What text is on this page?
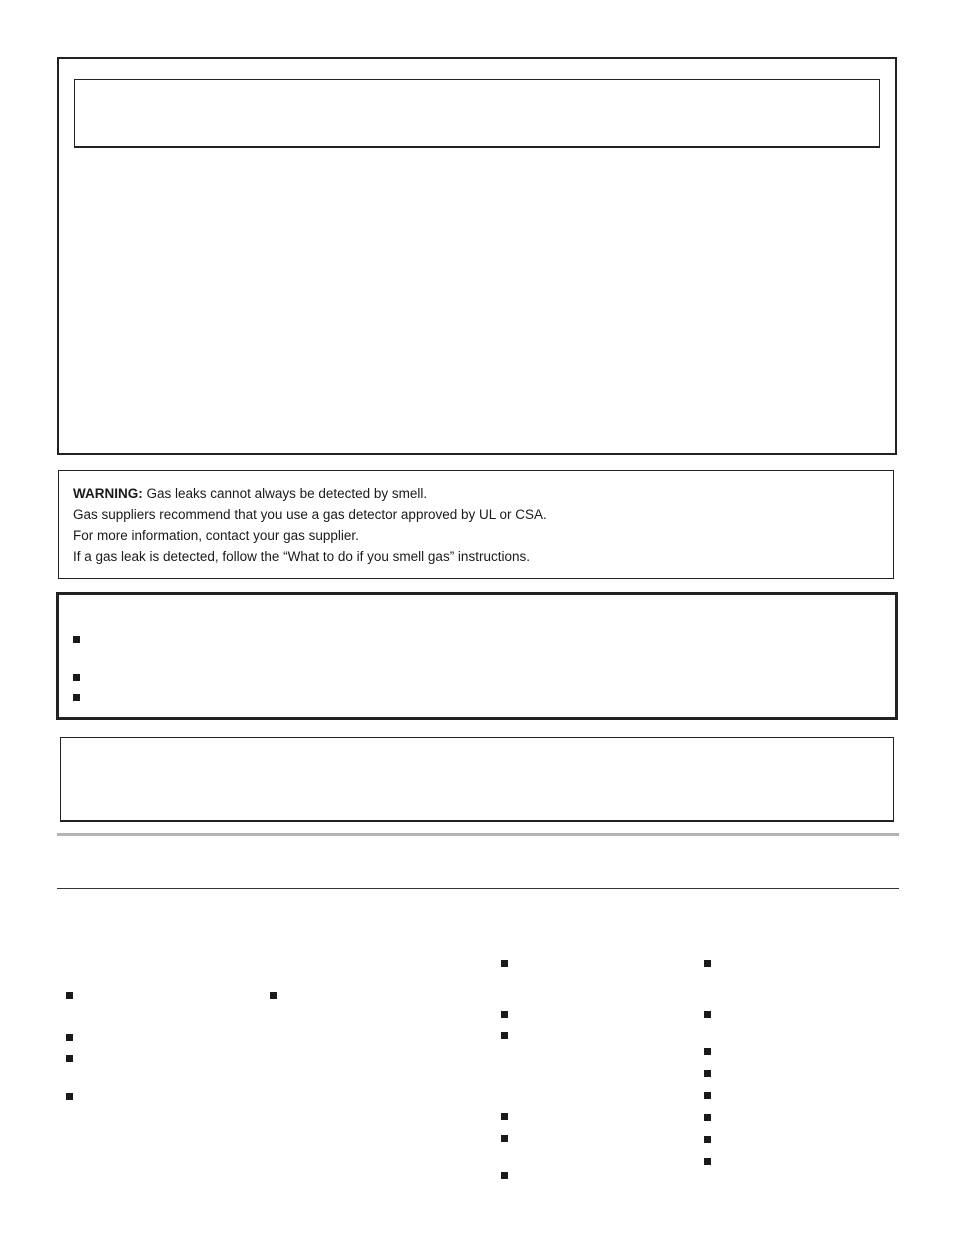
WARNING: Gas leaks cannot always be detected by smell.
Gas suppliers recommend that you use a gas detector approved by UL or CSA.
For more information, contact your gas supplier.
If a gas leak is detected, follow the “What to do if you smell gas” instructions.
